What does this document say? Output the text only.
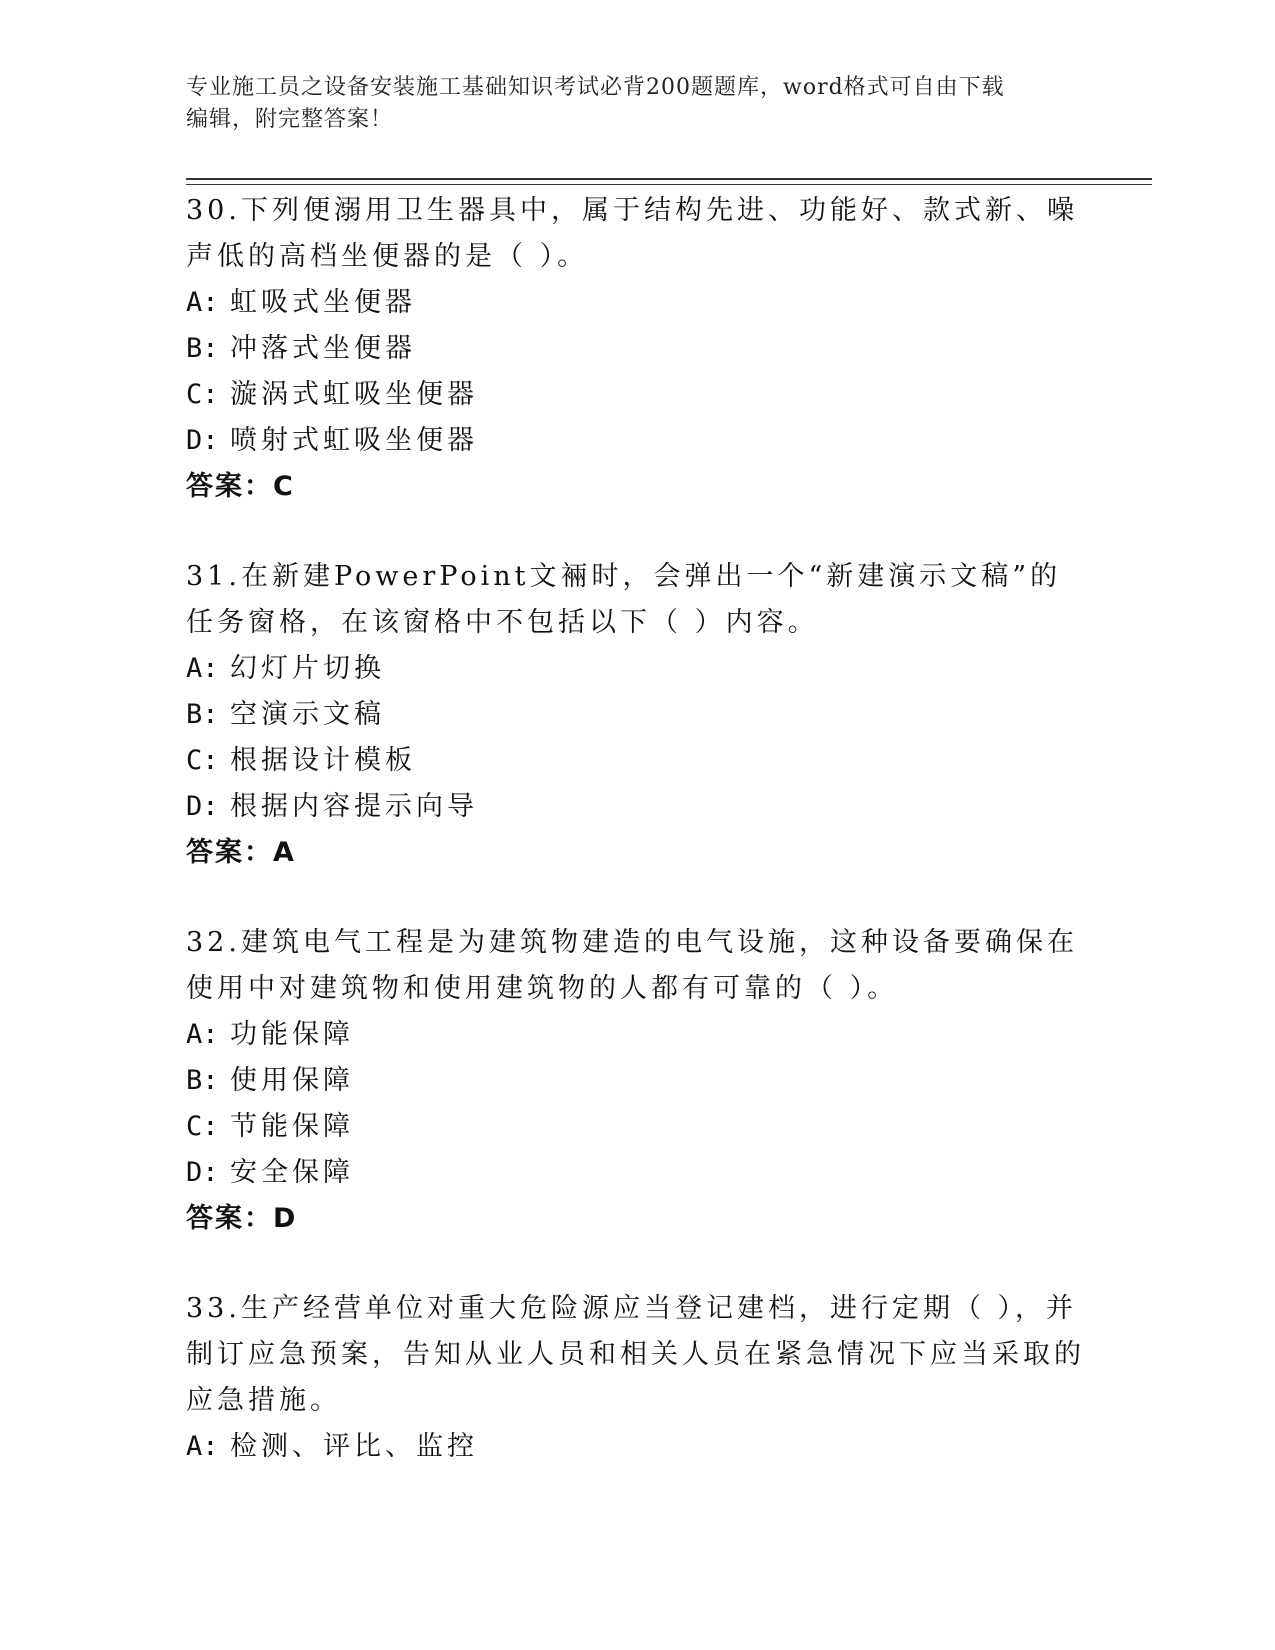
专业施工员之设备安装施工基础知识考试必背200题题库，word格式可自由下载
编辑，附完整答案！

30.下列便溺用卫生器具中，属于结构先进、功能好、款式新、噪声低的高档坐便器的是（ ）。

A: 虹吸式坐便器

B: 冲落式坐便器

C: 漩涡式虹吸坐便器

D: 喷射式虹吸坐便器

答案：C

31.在新建PowerPoint文裲时，会弹出一个“新建演示文稿”的任务窗格，在该窗格中不包括以下（ ）内容。

A: 幻灯片切换

B: 空演示文稿

C: 根据设计模板

D: 根据内容提示向导

答案：A

32.建筑电气工程是为建筑物建造的电气设施，这种设备要确保在使用中对建筑物和使用建筑物的人都有可靠的（ ）。

A: 功能保障

B: 使用保障

C: 节能保障

D: 安全保障

答案：D

33.生产经营单位对重大危险源应当登记建档，进行定期（ ），并制订应急预案，告知从业人员和相关人员在紧急情况下应当采取的应急措施。

A: 检测、评比、监控
